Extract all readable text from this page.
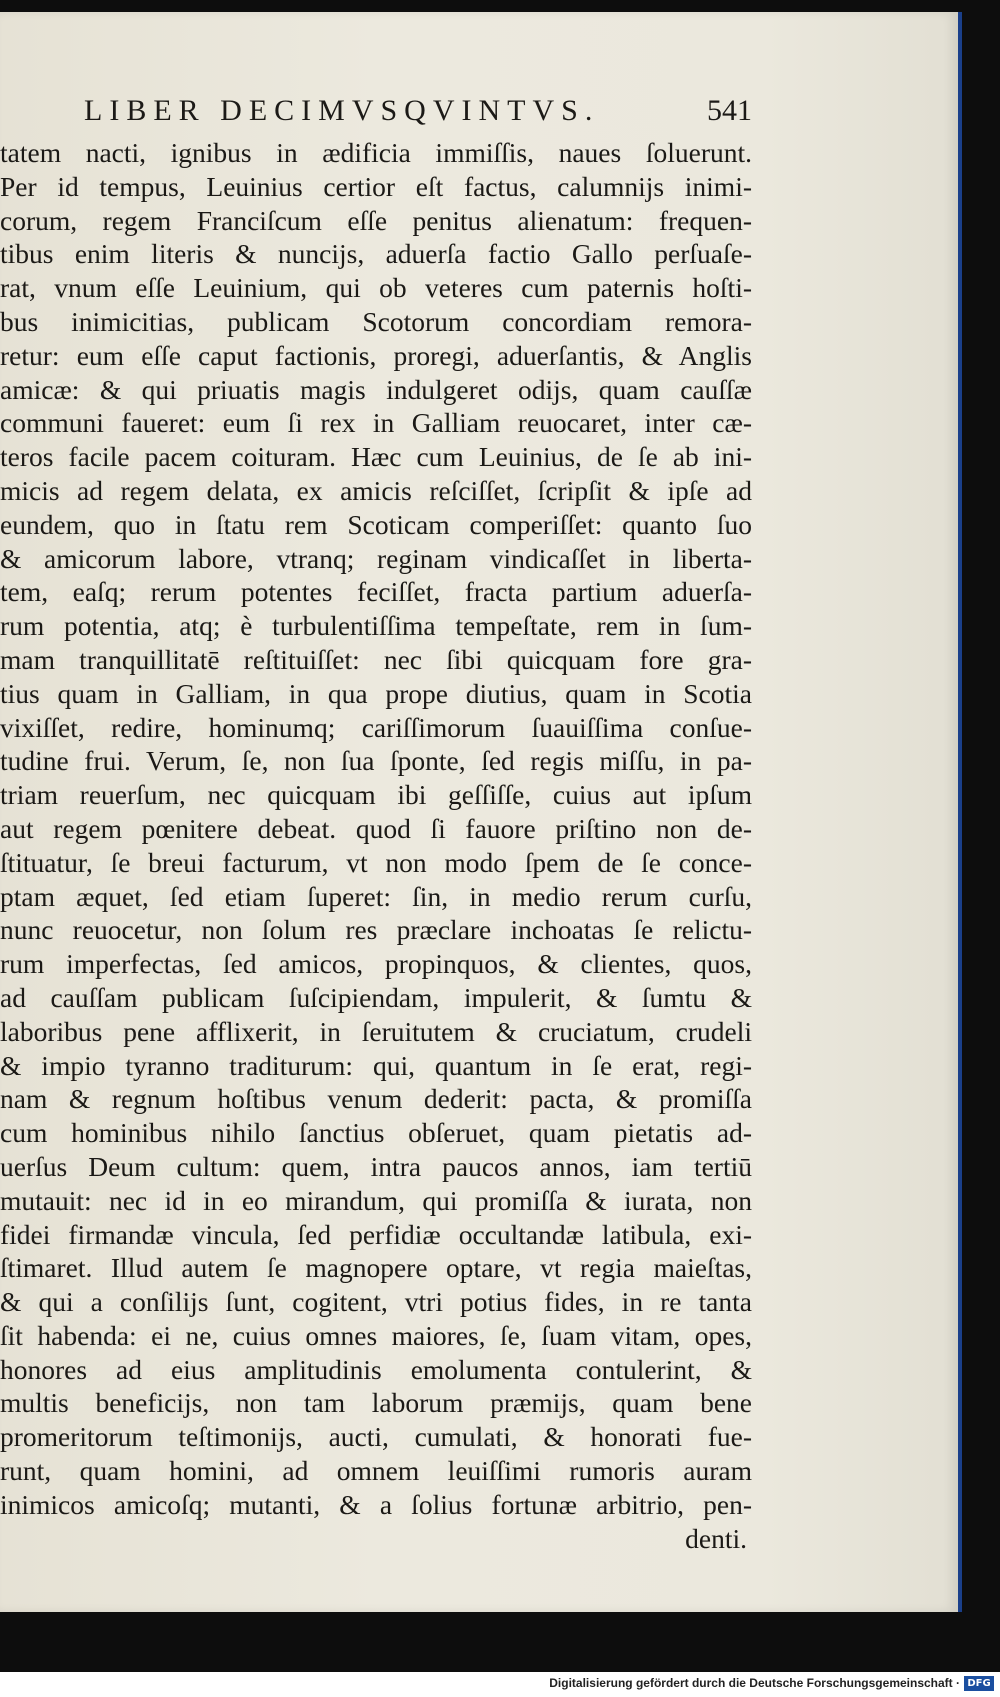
LIBER DECIMVSQVINTVS.	541
tatem nacti, ignibus in ædificia immiſſis, naues ſoluerunt.
Per id tempus, Leuinius certior eſt factus, calumnijs inimi-
corum, regem Franciſcum eſſe penitus alienatum: frequen-
tibus enim literis & nuncijs, aduerſa factio Gallo perſuaſe-
rat, vnum eſſe Leuinium, qui ob veteres cum paternis hoſti-
bus inimicitias, publicam Scotorum concordiam remora-
retur: eum eſſe caput factionis, proregi, aduerſantis, & Anglis
amicæ: & qui priuatis magis indulgeret odijs, quam cauſſæ
communi faueret: eum ſi rex in Galliam reuocaret, inter cæ-
teros facile pacem coituram. Hæc cum Leuinius, de ſe ab ini-
micis ad regem delata, ex amicis reſciſſet, ſcripſit & ipſe ad
eundem, quo in ſtatu rem Scoticam comperiſſet: quanto ſuo
& amicorum labore, vtranq; reginam vindicaſſet in liberta-
tem, eaſq; rerum potentes feciſſet, fracta partium aduerſa-
rum potentia, atq; è turbulentiſſima tempeſtate, rem in ſum-
mam tranquillitatē reſtituiſſet: nec ſibi quicquam fore gra-
tius quam in Galliam, in qua prope diutius, quam in Scotia
vixiſſet, redire, hominumq; cariſſimorum ſuauiſſima conſue-
tudine frui. Verum, ſe, non ſua ſponte, ſed regis miſſu, in pa-
triam reuerſum, nec quicquam ibi geſſiſſe, cuius aut ipſum
aut regem pœnitere debeat. quod ſi fauore priſtino non de-
ſtituatur, ſe breui facturum, vt non modo ſpem de ſe conce-
ptam æquet, ſed etiam ſuperet: ſin, in medio rerum curſu,
nunc reuocetur, non ſolum res præclare inchoatas ſe relictu-
rum imperfectas, ſed amicos, propinquos, & clientes, quos,
ad cauſſam publicam ſuſcipiendam, impulerit, & ſumtu &
laboribus pene afflixerit, in ſeruitutem & cruciatum, crudeli
& impio tyranno traditurum: qui, quantum in ſe erat, regi-
nam & regnum hoſtibus venum dederit: pacta, & promiſſa
cum hominibus nihilo ſanctius obſeruet, quam pietatis ad-
uerſus Deum cultum: quem, intra paucos annos, iam tertiū
mutauit: nec id in eo mirandum, qui promiſſa & iurata, non
fidei firmandæ vincula, ſed perfidiæ occultandæ latibula, exi-
ſtimaret. Illud autem ſe magnopere optare, vt regia maieſtas,
& qui a conſilijs ſunt, cogitent, vtri potius fides, in re tanta
ſit habenda: ei ne, cuius omnes maiores, ſe, ſuam vitam, opes,
honores ad eius amplitudinis emolumenta contulerint, &
multis beneficijs, non tam laborum præmijs, quam bene
promeritorum teſtimonijs, aucti, cumulati, & honorati fue-
runt, quam homini, ad omnem leuiſſimi rumoris auram
inimicos amicoſq; mutanti, & a ſolius fortunæ arbitrio, pen-
denti.
Digitalisierung gefördert durch die Deutsche Forschungsgemeinschaft · DFG
